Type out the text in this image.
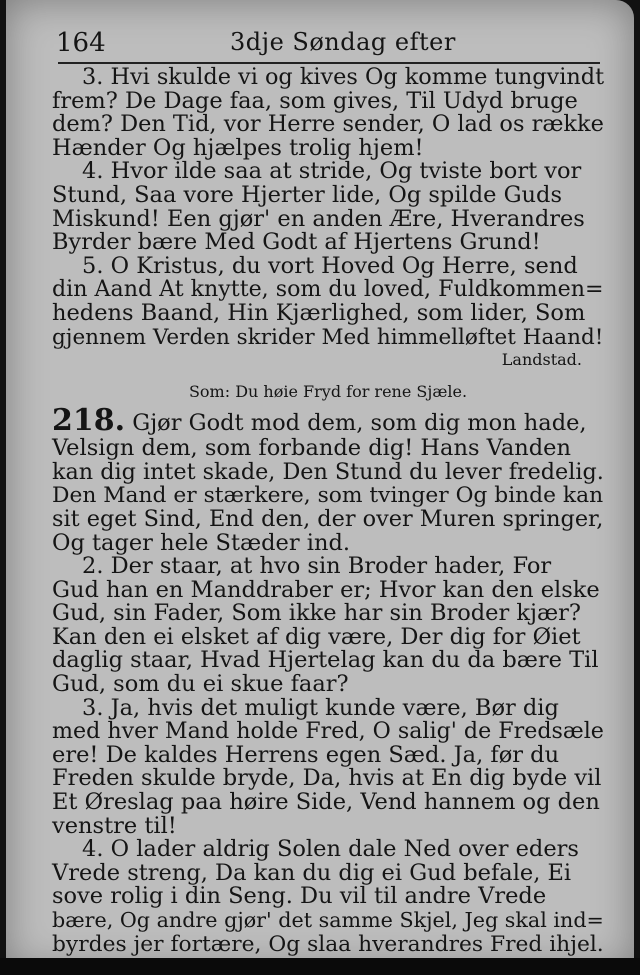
164	3dje Søndag efter
3. Hvi skulde vi og kives Og komme tungvindt
frem? De Dage faa, som gives, Til Udyd bruge
dem? Den Tid, vor Herre sender, O lad os række
Hænder Og hjælpes trolig hjem!
4. Hvor ilde saa at stride, Og tviste bort vor
Stund, Saa vore Hjerter lide, Og spilde Guds
Miskund! Een gjør' en anden Ære, Hverandres
Byrder bære Med Godt af Hjertens Grund!
5. O Kristus, du vort Hoved Og Herre, send
din Aand At knytte, som du loved, Fuldkommen=
hedens Baand, Hin Kjærlighed, som lider, Som
gjennem Verden skrider Med himmelløftet Haand!
Landstad.
Som: Du høie Fryd for rene Sjæle.
218. Gjør Godt mod dem, som dig mon hade,
Velsign dem, som forbande dig! Hans Vanden
kan dig intet skade, Den Stund du lever fredelig.
Den Mand er stærkere, som tvinger Og binde kan
sit eget Sind, End den, der over Muren springer,
Og tager hele Stæder ind.
2. Der staar, at hvo sin Broder hader, For
Gud han en Manddraber er; Hvor kan den elske
Gud, sin Fader, Som ikke har sin Broder kjær?
Kan den ei elsket af dig være, Der dig for Øiet
daglig staar, Hvad Hjertelag kan du da bære Til
Gud, som du ei skue faar?
3. Ja, hvis det muligt kunde være, Bør dig
med hver Mand holde Fred, O salig' de Fredsæle
ere! De kaldes Herrens egen Sæd. Ja, før du
Freden skulde bryde, Da, hvis at En dig byde vil
Et Øreslag paa høire Side, Vend hannem og den
venstre til!
4. O lader aldrig Solen dale Ned over eders
Vrede streng, Da kan du dig ei Gud befale, Ei
sove rolig i din Seng. Du vil til andre Vrede
bære, Og andre gjør' det samme Skjel, Jeg skal ind=
byrdes jer fortære, Og slaa hverandres Fred ihjel.
